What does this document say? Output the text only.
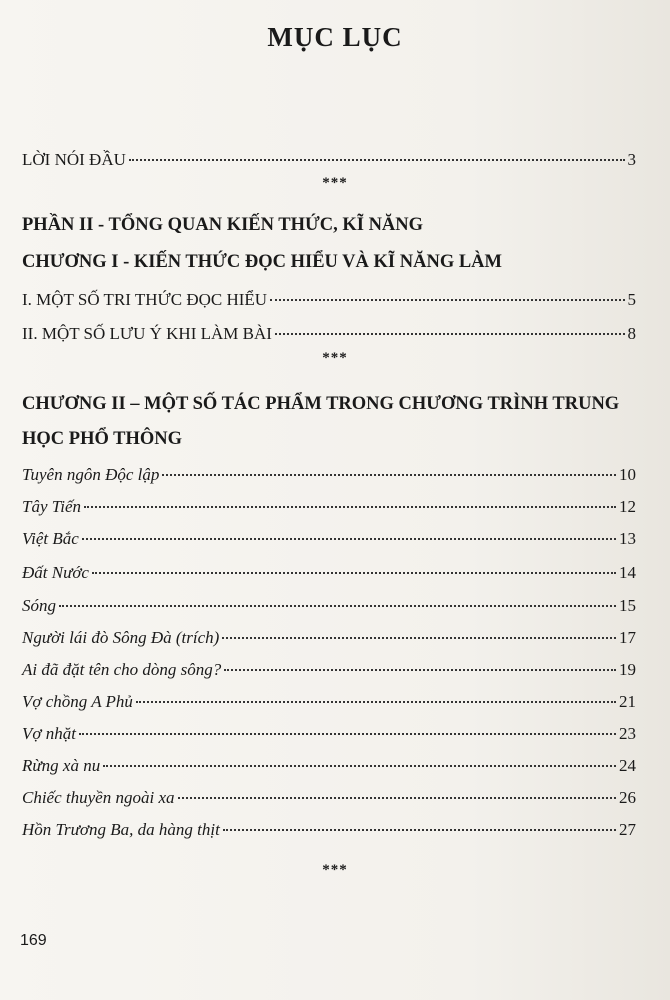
MỤC LỤC
LỜI NÓI ĐẦU	3
***
PHẦN II - TỔNG QUAN KIẾN THỨC, KĨ NĂNG
CHƯƠNG I - KIẾN THỨC ĐỌC HIỂU VÀ KĨ NĂNG LÀM
I. MỘT SỐ TRI THỨC ĐỌC HIỂU	5
II. MỘT SỐ LƯU Ý KHI LÀM BÀI	8
***
CHƯƠNG II – MỘT SỐ TÁC PHẨM TRONG CHƯƠNG TRÌNH TRUNG
HỌC PHỔ THÔNG
Tuyên ngôn Độc lập	10
Tây Tiến	12
Việt Bắc	13
Đất Nước	14
Sóng	15
Người lái đò Sông Đà (trích)	17
Ai đã đặt tên cho dòng sông?	19
Vợ chồng A Phủ	21
Vợ nhặt	23
Rừng xà nu	24
Chiếc thuyền ngoài xa	26
Hồn Trương Ba, da hàng thịt	27
***
169
